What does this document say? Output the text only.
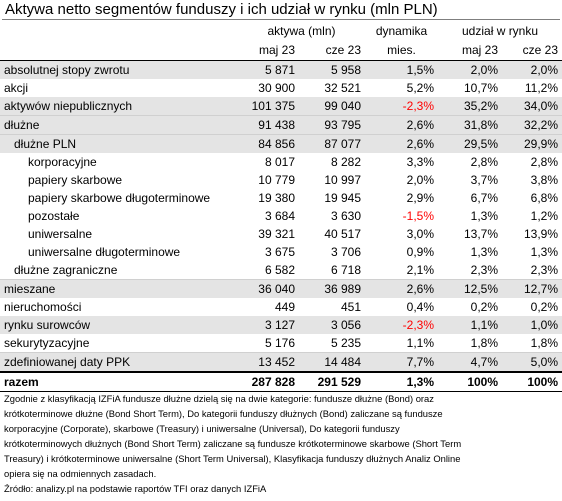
Aktywa netto segmentów funduszy i ich udział w rynku (mln PLN)
	aktywa (mln)		dynamika	udział w rynku	
	maj 23	cze 23	mies.	maj 23	cze 23
absolutnej stopy zwrotu	5 871	5 958	1,5%	2,0%	2,0%
akcji	30 900	32 521	5,2%	10,7%	11,2%
aktywów niepublicznych	101 375	99 040	-2,3%	35,2%	34,0%
dłużne	91 438	93 795	2,6%	31,8%	32,2%
dłużne PLN	84 856	87 077	2,6%	29,5%	29,9%
korporacyjne	8 017	8 282	3,3%	2,8%	2,8%
papiery skarbowe	10 779	10 997	2,0%	3,7%	3,8%
papiery skarbowe długoterminowe	19 380	19 945	2,9%	6,7%	6,8%
pozostałe	3 684	3 630	-1,5%	1,3%	1,2%
uniwersalne	39 321	40 517	3,0%	13,7%	13,9%
uniwersalne długoterminowe	3 675	3 706	0,9%	1,3%	1,3%
dłużne zagraniczne	6 582	6 718	2,1%	2,3%	2,3%
mieszane	36 040	36 989	2,6%	12,5%	12,7%
nieruchomości	449	451	0,4%	0,2%	0,2%
rynku surowców	3 127	3 056	-2,3%	1,1%	1,0%
sekurytyzacyjne	5 176	5 235	1,1%	1,8%	1,8%
zdefiniowanej daty PPK	13 452	14 484	7,7%	4,7%	5,0%
razem	287 828	291 529	1,3%	100%	100%

Zgodnie z klasyfikacją IZFiA fundusze dłużne dzielą się na dwie kategorie: fundusze dłużne (Bond) oraz

krótkoterminowe dłużne (Bond Short Term), Do kategorii funduszy dłużnych (Bond) zaliczane są fundusze

korporacyjne (Corporate), skarbowe (Treasury) i uniwersalne (Universal), Do kategorii funduszy

krótkoterminowych dłużnych (Bond Short Term) zaliczane są fundusze krótkoterminowe skarbowe (Short Term

Treasury) i krótkoterminowe uniwersalne (Short Term Universal), Klasyfikacja funduszy dłużnych Analiz Online

opiera się na odmiennych zasadach.

Źródło: analizy.pl na podstawie raportów TFI oraz danych IZFiA
